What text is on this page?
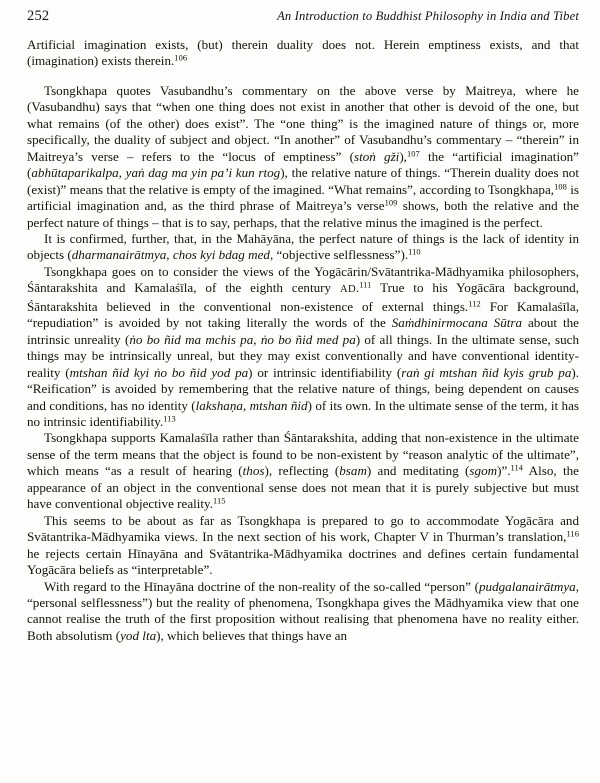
252	An Introduction to Buddhist Philosophy in India and Tibet

Artificial imagination exists, (but) therein duality does not. Herein emptiness exists, and that (imagination) exists therein.$^{106}$

Tsongkhapa quotes Vasubandhu’s commentary on the above verse by Maitreya, where he (Vasubandhu) says that “when one thing does not exist in another that other is devoid of the one, but what remains (of the other) does exist”. The “one thing” is the imagined nature of things or, more specifically, the duality of subject and object. “In another” of Vasubandhu’s commentary – “therein” in Maitreya’s verse – refers to the “locus of emptiness” (stoṅ gži),$^{107}$ the “artificial imagination” (abhūtaparikalpa, yaṅ dag ma yin pa’i kun rtog), the relative nature of things. “Therein duality does not (exist)” means that the relative is empty of the imagined. “What remains”, according to Tsongkhapa,$^{108}$ is artificial imagination and, as the third phrase of Maitreya’s verse$^{109}$ shows, both the relative and the perfect nature of things – that is to say, perhaps, that the relative minus the imagined is the perfect.

It is confirmed, further, that, in the Mahāyāna, the perfect nature of things is the lack of identity in objects (dharmanairātmya, chos kyi bdag med, “objective selflessness”).$^{110}$

Tsongkhapa goes on to consider the views of the Yogācārin/Svātantrika-Mādhyamika philosophers, Śāntarakshita and Kamalaśīla, of the eighth century AD.$^{111}$ True to his Yogācāra background, Śāntarakshita believed in the conventional non-existence of external things.$^{112}$ For Kamalaśīla, “repudiation” is avoided by not taking literally the words of the Saṁdhinirmocana Sūtra about the intrinsic unreality (ṅo bo ñid ma mchis pa, ṅo bo ñid med pa) of all things. In the ultimate sense, such things may be intrinsically unreal, but they may exist conventionally and have conventional identity-reality (mtshan ñid kyi ṅo bo ñid yod pa) or intrinsic identifiability (raṅ gi mtshan ñid kyis grub pa). “Reification” is avoided by remembering that the relative nature of things, being dependent on causes and conditions, has no identity (lakshaṇa, mtshan ñid) of its own. In the ultimate sense of the term, it has no intrinsic identifiability.$^{113}$

Tsongkhapa supports Kamalaśīla rather than Śāntarakshita, adding that non-existence in the ultimate sense of the term means that the object is found to be non-existent by “reason analytic of the ultimate”, which means “as a result of hearing (thos), reflecting (bsam) and meditating (sgom)”.$^{114}$ Also, the appearance of an object in the conventional sense does not mean that it is purely subjective but must have conventional objective reality.$^{115}$

This seems to be about as far as Tsongkhapa is prepared to go to accommodate Yogācāra and Svātantrika-Mādhyamika views. In the next section of his work, Chapter V in Thurman’s translation,$^{116}$ he rejects certain Hīnayāna and Svātantrika-Mādhyamika doctrines and defines certain fundamental Yogācāra beliefs as “interpretable”.

With regard to the Hīnayāna doctrine of the non-reality of the so-called “person” (pudgalanairātmya, “personal selflessness”) but the reality of phenomena, Tsongkhapa gives the Mādhyamika view that one cannot realise the truth of the first proposition without realising that phenomena have no reality either. Both absolutism (yod lta), which believes that things have an
